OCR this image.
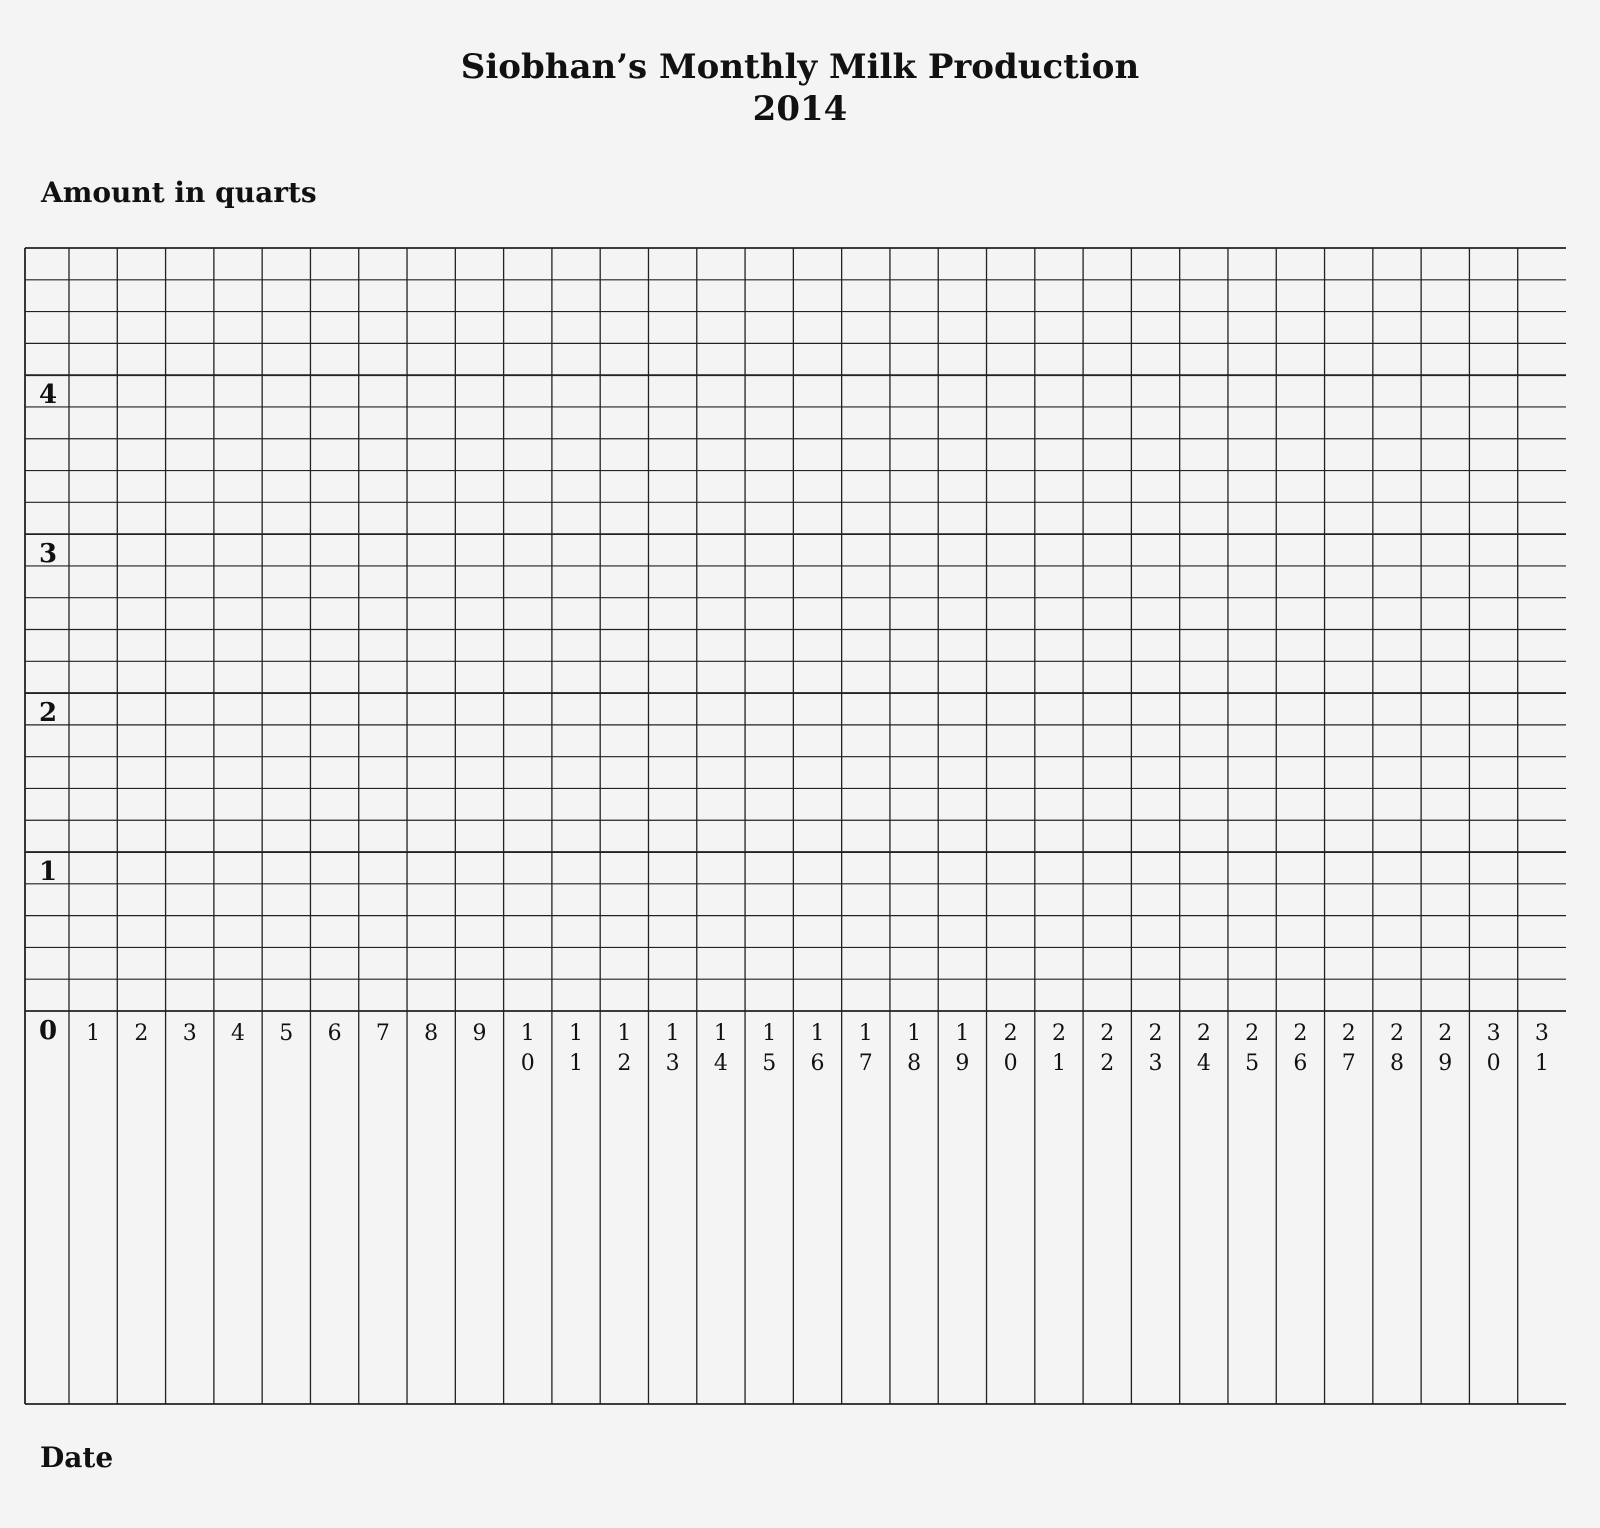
Siobhan’s Monthly Milk Production
2014
Amount in quarts
0
1
2
3
4
1 2 3 4 5 6 7 8 9 1 0
1 1
1 2
1 3
1 4
1 5
1 6
1 7
1 8
1 9
2 0
2 1
2 2
2 3
2 4
2 5
2 6
2 7
2 8
2 9
3 0
3 1
Date
